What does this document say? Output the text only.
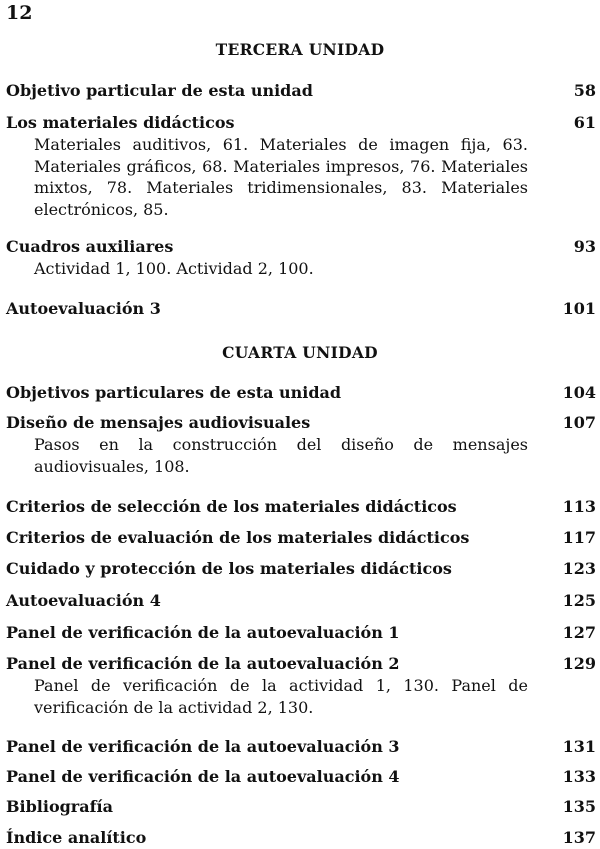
12
TERCERA UNIDAD
Objetivo particular de esta unidad	58
Los materiales didácticos	61
Materiales auditivos, 61. Materiales de imagen fija, 63. Materiales gráficos, 68. Materiales impresos, 76. Materiales mixtos, 78. Materiales tridimensionales, 83. Materiales electrónicos, 85.
Cuadros auxiliares	93
Actividad 1, 100. Actividad 2, 100.
Autoevaluación 3	101
CUARTA UNIDAD
Objetivos particulares de esta unidad	104
Diseño de mensajes audiovisuales	107
Pasos en la construcción del diseño de mensajes audiovisuales, 108.
Criterios de selección de los materiales didácticos	113
Criterios de evaluación de los materiales didácticos	117
Cuidado y protección de los materiales didácticos	123
Autoevaluación 4	125
Panel de verificación de la autoevaluación 1	127
Panel de verificación de la autoevaluación 2	129
Panel de verificación de la actividad 1, 130. Panel de verificación de la actividad 2, 130.
Panel de verificación de la autoevaluación 3	131
Panel de verificación de la autoevaluación 4	133
Bibliografía	135
Índice analítico	137
